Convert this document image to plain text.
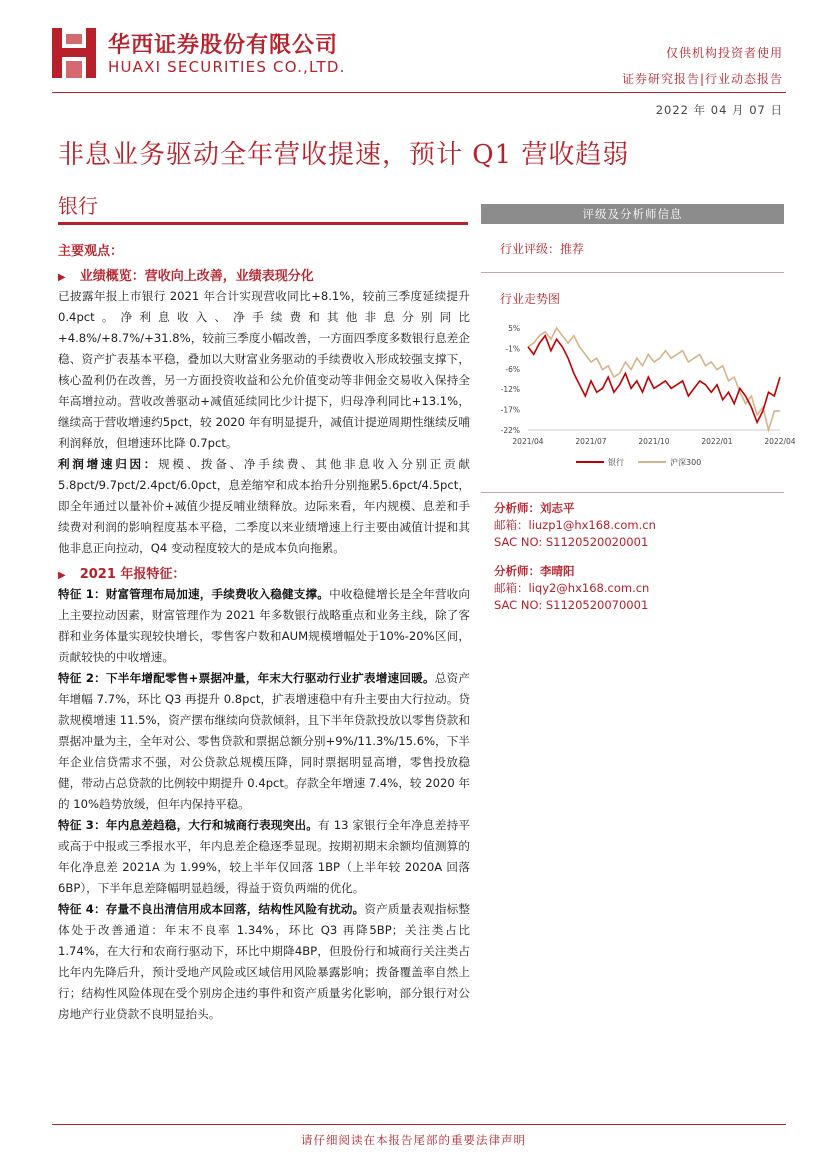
华西证券股份有限公司
HUAXI SECURITIES CO.,LTD.
仅供机构投资者使用
证券研究报告|行业动态报告
2022 年 04 月 07 日
非息业务驱动全年营收提速，预计 Q1 营收趋弱
银行
主要观点：
▶ 业绩概览：营收向上改善，业绩表现分化

已披露年报上市银行 2021 年合计实现营收同比+8.1%，较前三季度延续提升 0.4pct。净利息收入、净手续费和其他非息分别同比+4.8%/+8.7%/+31.8%，较前三季度小幅改善，一方面四季度多数银行息差企稳、资产扩表基本平稳，叠加以大财富业务驱动的手续费收入形成较强支撑下，核心盈利仍在改善，另一方面投资收益和公允价值变动等非佣金交易收入保持全年高增拉动。营收改善驱动+减值延续同比少计提下，归母净利同比+13.1%，继续高于营收增速约5pct，较 2020 年有明显提升，减值计提逆周期性继续反哺利润释放，但增速环比降 0.7pct。

利润增速归因：规模、拨备、净手续费、其他非息收入分别正贡献5.8pct/9.7pct/2.4pct/6.0pct，息差缩窄和成本抬升分别拖累5.6pct/4.5pct，即全年通过以量补价+减值少提反哺业绩释放。边际来看，年内规模、息差和手续费对利润的影响程度基本平稳，二季度以来业绩增速上行主要由减值计提和其他非息正向拉动，Q4 变动程度较大的是成本负向拖累。

▶ 2021 年报特征：

特征 1：财富管理布局加速，手续费收入稳健支撑。中收稳健增长是全年营收向上主要拉动因素，财富管理作为 2021 年多数银行战略重点和业务主线，除了客群和业务体量实现较快增长，零售客户数和AUM规模增幅处于10%-20%区间，贡献较快的中收增速。

特征 2：下半年增配零售+票据冲量，年末大行驱动行业扩表增速回暖。总资产年增幅 7.7%，环比 Q3 再提升 0.8pct，扩表增速稳中有升主要由大行拉动。贷款规模增速 11.5%，资产摆布继续向贷款倾斜，且下半年贷款投放以零售贷款和票据冲量为主，全年对公、零售贷款和票据总额分别+9%/11.3%/15.6%，下半年企业信贷需求不强，对公贷款总规模压降，同时票据明显高增，零售投放稳健，带动占总贷款的比例较中期提升 0.4pct。存款全年增速 7.4%，较 2020 年的 10%趋势放缓，但年内保持平稳。

特征 3：年内息差趋稳，大行和城商行表现突出。有 13 家银行全年净息差持平或高于中报或三季报水平，年内息差企稳逐季显现。按期初期末余额均值测算的年化净息差 2021A 为 1.99%，较上半年仅回落 1BP（上半年较 2020A 回落 6BP），下半年息差降幅明显趋缓，得益于资负两端的优化。

特征 4：存量不良出清信用成本回落，结构性风险有扰动。资产质量表观指标整体处于改善通道：年末不良率 1.34%，环比 Q3 再降5BP；关注类占比 1.74%，在大行和农商行驱动下，环比中期降4BP，但股份行和城商行关注类占比年内先降后升，预计受地产风险或区域信用风险暴露影响；拨备覆盖率自然上行；结构性风险体现在受个别房企违约事件和资产质量劣化影响，部分银行对公房地产行业贷款不良明显抬头。

评级及分析师信息
行业评级：推荐
行业走势图
5%
-1%
-6%
-12%
-17%
-22%
2021/04	2021/07	2021/10	2022/01	2022/04
银行	沪深300
分析师：刘志平
邮箱：liuzp1@hx168.com.cn
SAC NO: S1120520020001
分析师：李晴阳
邮箱：liqy2@hx168.com.cn
SAC NO: S1120520070001
请仔细阅读在本报告尾部的重要法律声明
